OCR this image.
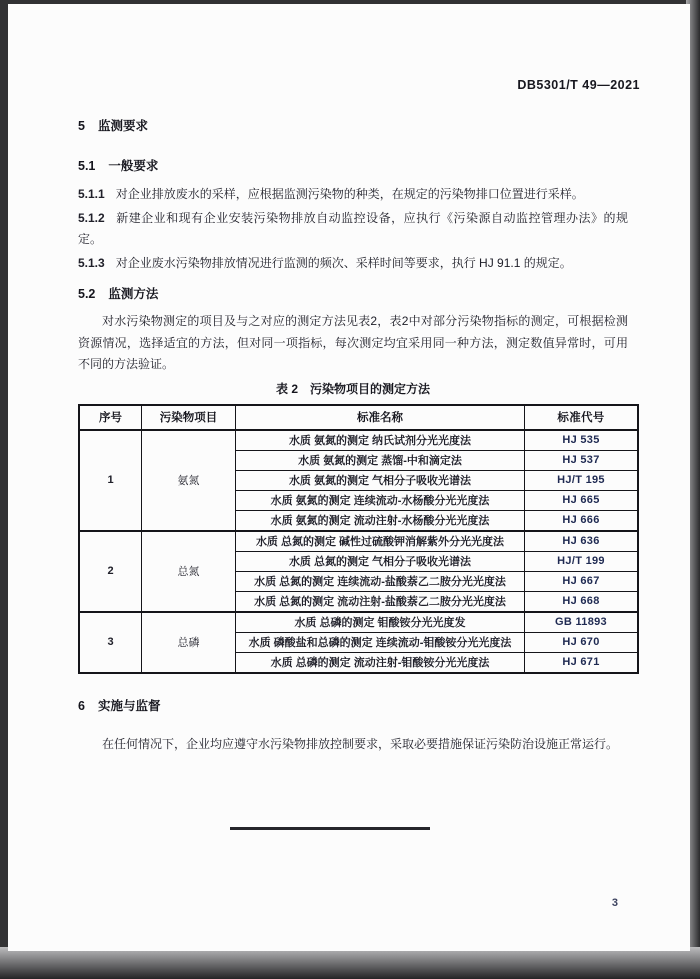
DB5301/T 49—2021
5 监测要求
5.1 一般要求

5.1.1 对企业排放废水的采样，应根据监测污染物的种类，在规定的污染物排口位置进行采样。

5.1.2 新建企业和现有企业安装污染物排放自动监控设备，应执行《污染源自动监控管理办法》的规定。

5.1.3 对企业废水污染物排放情况进行监测的频次、采样时间等要求，执行 HJ 91.1 的规定。

5.2 监测方法

对水污染物测定的项目及与之对应的测定方法见表2，表2中对部分污染物指标的测定，可根据检测资源情况，选择适宜的方法，但对同一项指标，每次测定均宜采用同一种方法，测定数值异常时，可用不同的方法验证。

表 2　污染物项目的测定方法
序号	污染物项目	标准名称	标准代号
1	氨氮	水质 氨氮的测定 纳氏试剂分光光度法	HJ 535
		水质 氨氮的测定 蒸馏-中和滴定法	HJ 537
		水质 氨氮的测定 气相分子吸收光谱法	HJ/T 195
		水质 氨氮的测定 连续流动-水杨酸分光光度法	HJ 665
		水质 氨氮的测定 流动注射-水杨酸分光光度法	HJ 666
2	总氮	水质 总氮的测定 碱性过硫酸钾消解紫外分光光度法	HJ 636
		水质 总氮的测定 气相分子吸收光谱法	HJ/T 199
		水质 总氮的测定 连续流动-盐酸萘乙二胺分光光度法	HJ 667
		水质 总氮的测定 流动注射-盐酸萘乙二胺分光光度法	HJ 668
3	总磷	水质 总磷的测定 钼酸铵分光光度发	GB 11893
		水质 磷酸盐和总磷的测定 连续流动-钼酸铵分光光度法	HJ 670
		水质 总磷的测定 流动注射-钼酸铵分光光度法	HJ 671
6 实施与监督

在任何情况下，企业均应遵守水污染物排放控制要求，采取必要措施保证污染防治设施正常运行。

3
